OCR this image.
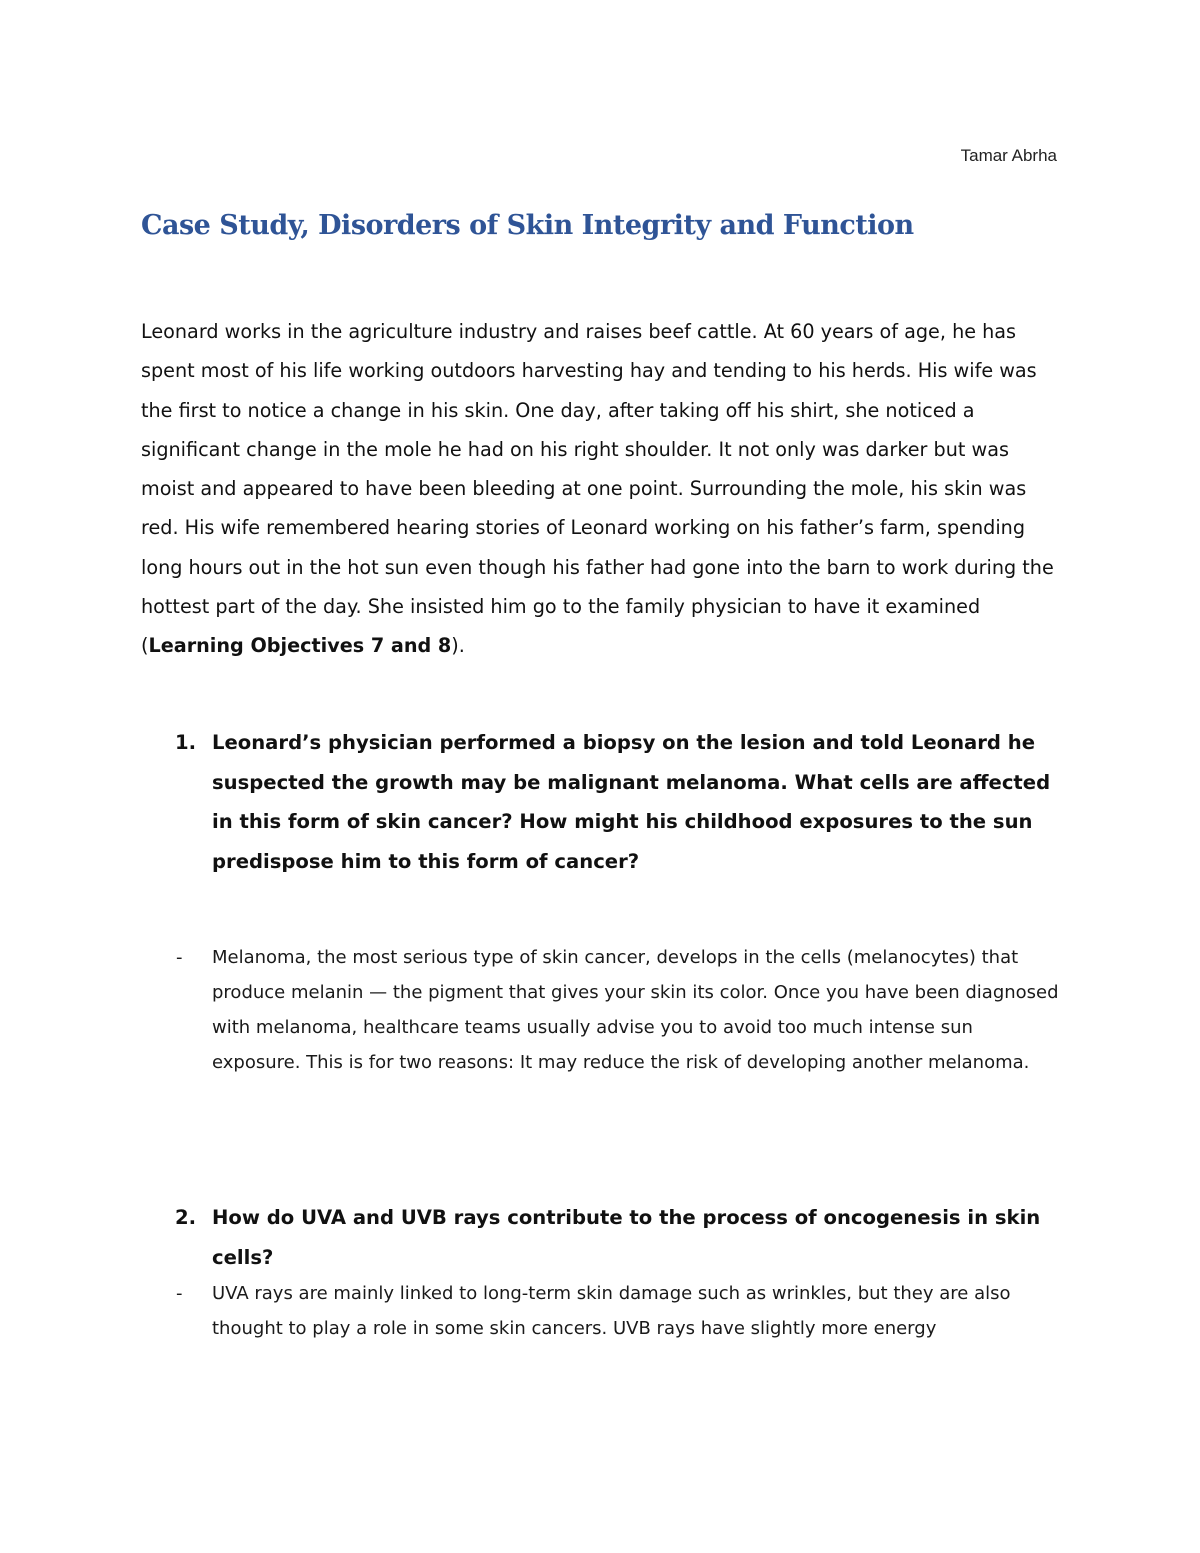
Tamar Abrha
Case Study, Disorders of Skin Integrity and Function

Leonard works in the agriculture industry and raises beef cattle. At 60 years of age, he has spent most of his life working outdoors harvesting hay and tending to his herds. His wife was the first to notice a change in his skin. One day, after taking off his shirt, she noticed a significant change in the mole he had on his right shoulder. It not only was darker but was moist and appeared to have been bleeding at one point. Surrounding the mole, his skin was red. His wife remembered hearing stories of Leonard working on his father’s farm, spending long hours out in the hot sun even though his father had gone into the barn to work during the hottest part of the day. She insisted him go to the family physician to have it examined (Learning Objectives 7 and 8).

1. Leonard’s physician performed a biopsy on the lesion and told Leonard he suspected the growth may be malignant melanoma. What cells are affected in this form of skin cancer? How might his childhood exposures to the sun predispose him to this form of cancer?
- Melanoma, the most serious type of skin cancer, develops in the cells (melanocytes) that produce melanin — the pigment that gives your skin its color. Once you have been diagnosed with melanoma, healthcare teams usually advise you to avoid too much intense sun exposure. This is for two reasons: It may reduce the risk of developing another melanoma.
2. How do UVA and UVB rays contribute to the process of oncogenesis in skin cells?
- UVA rays are mainly linked to long-term skin damage such as wrinkles, but they are also thought to play a role in some skin cancers. UVB rays have slightly more energy
